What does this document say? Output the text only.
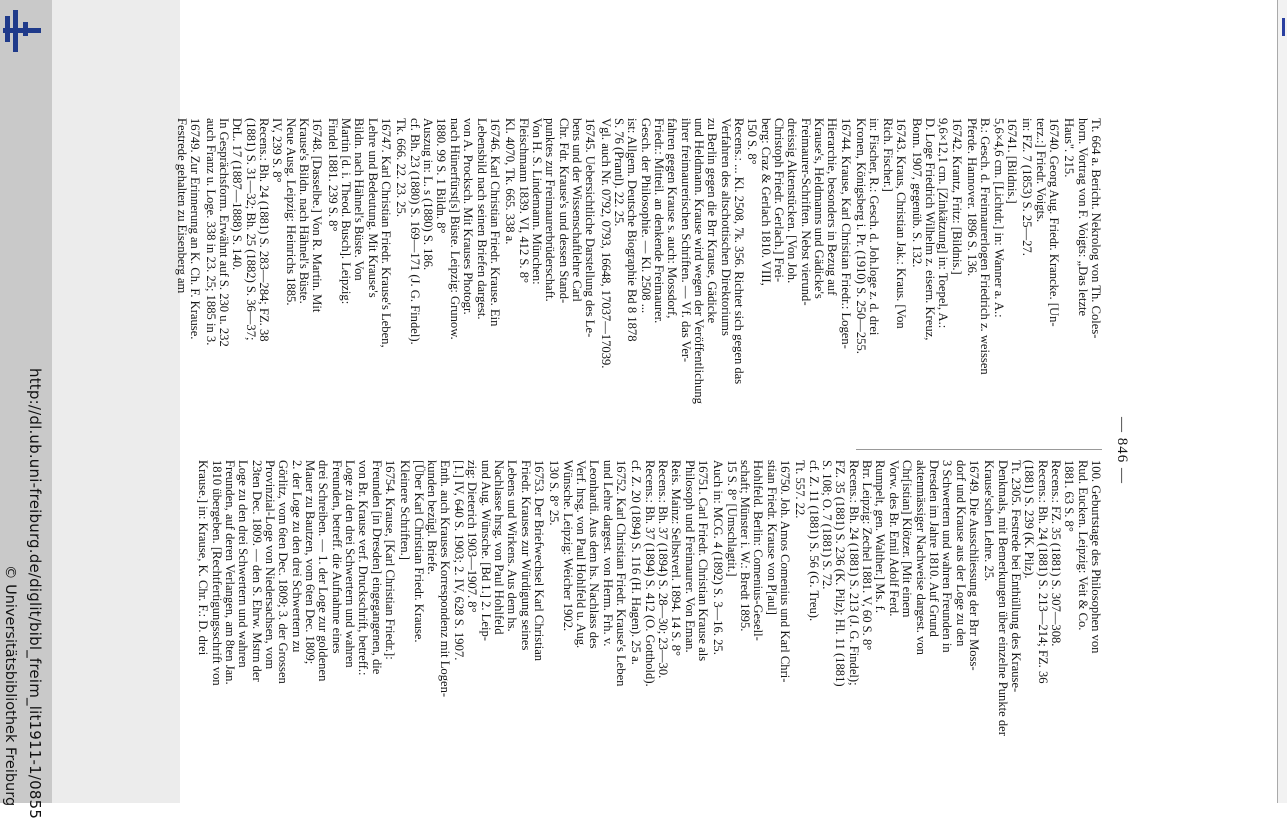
http://dl.ub.uni-freiburg.de/diglit/bibl_freim_lit1911-1/0855
© Universitätsbibliothek Freiburg
— 846 —
Tt. 664 a. Bericht. Nekrolog von Th. Coles-
horn. Vortrag von F. Voigts: „Das letzte
Haus". 215.
16740. Georg Aug. Friedr. Krancke. [Un-
terz.:] Friedr. Voigts.
in: FZ. 7 (1853) S. 25—27.
16741. [Bildnis.]
5,6×4,6 cm. [Lichtdr.] in: Wanner a. A.:
B.: Gesch. d. Freimaurerlogen Friedrich z. weissen
Pferde. Hannover. 1896 S. 136.
16742. Krantz, Fritz: [Bildnis.]
9,6×12,1 cm. [Zinkätzung] in: Toepel, A.:
D. Loge Friedrich Wilhelm z. eisern. Kreuz,
Bonn. 1907, gegenüb. S. 132.
16743. Kraus, Christian Jak.: Kraus. [Von
Rich. Fischer.]
in: Fischer, R.: Gesch. d. Joh.loge z. d. drei
Kronen, Königsberg i. Pr. (1910) S. 250—255.
16744. Krause, Karl Christian Friedr.: Logen-
Hierarchie, besonders in Bezug auf
Krause's, Heldmanns und Gädicke's
Freimaurer-Schriften. Nebst vierund-
dreissig Aktenstücken. [Von Joh.
Christoph Friedr. Gerlach.] Frei-
berg: Craz & Gerlach 1810. VIII,
150 S. 8°
Recens.: ... Kl. 2508, 7k. 356. Richtet sich gegen das
Verfahren des altschottischen Direktoriums
zu Berlin gegen die Brr Krause, Gädicke
und Heldmann. Krause wird wegen der Veröffentlichung
ihrer freimaurerischen Schriften. — Vf. das Ver-
fahren gegen Krause s. auch: Mossdorf,
Friedr.: Mitteil. an denkende Freimaurer.
Gesch. der Philosophie. — Kl. 2508 ...
ist: Allgem. Deutsche Biographie Bd 8 1878
S. 76 (Prantl). 22. 25.
Vgl. auch Nr. 0792, 0793, 16648, 17037—17039.
16745. Uebersichtliche Darstellung des Le-
bens und der Wissenschaftlehre Carl
Chr. Fdr. Krause's und dessen Stand-
punktes zur Freimaurerbrüderschaft.
Von H. S. Lindemann. München:
Fleischmann 1839. VI, 412 S. 8°
Kl. 4070, Tk. 665. 338 a.
16746. Karl Christian Friedr. Krause. Ein
Lebensbild nach seinen Briefen dargest.
von A. Procksch. Mit Krauses Photogr.
nach Hünerfürst[s] Büste. Leipzig: Grunow.
1880. 99 S. 1 Bildn. 8°
Auszug in: L. s (1880) S. 186.
cf. Bh. 23 (1880) S. 169—171 (J. G. Findel).
Tk. 666. 22. 23. 25.
16747. Karl Christian Friedr. Krause's Leben,
Lehre und Bedeutung. Mit Krause's
Bildn. nach Hähnel's Büste. Von
Martin [d. i. Theod. Busch]. Leipzig:
Findel 1881. 239 S. 8°
16748. [Dasselbe.] Von R. Martin. Mit
Krause's Bildn. nach Hähnel's Büste.
Neue Ausg. Leipzig: Heinrichs 1885.
IV, 239 S. 8°
Recens.: Bh. 24 (1881) S. 283—284; FZ. 38
(1881) S. 31—32; Bh. 25 (1882) S. 36—37;
DtL. 17 (1887—1888) S. 140.
In Gesprächsform. Erwähnt auf S. 230 u. 232
auch Franz u. Loge. 338 in 23. 25; 1885 in 3.
16749. Zur Erinnerung an K. Ch. F. Krause.
Festrede gehalten zu Eisenberg am
100. Geburtstage des Philosophen von
Rud. Eucken. Leipzig: Veit & Co.
1881. 63 S. 8°
Recens.: FZ. 35 (1881) S. 307—308.
Recens.: Bh. 24 (1881) S. 213—214; FZ. 36
(1881) S. 239 (K. Pilz).
Tt. 2305. Festrede bei Enthüllung des Krause-
Denkmals, mit Bemerkungen über einzelne Punkte der
Krause'schen Lehre. 25.
16749. Die Ausschliessung der Brr Moss-
dorf und Krause aus der Loge zu den
3 Schwertern und wahren Freunden in
Dresden im Jahre 1810. Auf Grund
aktenmässiger Nachweise dargest. von
Chr[istian] Klötzer. [Mit einem
Vorw. des Br. Emil Adolf Ferd.
Rumpelt, gen. Walther.] Ms. f.
Brr. Leipzig: Zechel 1881. V, 60 S. 8°
Recens.: Bh. 24 (1881) S. 213 (J. G. Findel);
FZ. 35 (1881) S. 236 (K. Pilz); Hl. 11 (1881)
S. 108; O. 7 (1881) S. 72.
cf. Z. 11 (1881) S. 56 (G. Treu).
Tt. 557. 22.
16750. Joh. Amos Comenius und Karl Chri-
stian Friedr. Krause von P[aul]
Hohlfeld. Berlin: Comenius-Gesell-
schaft; Münster i. W.: Bredt 1895.
15 S. 8° [Umschlagtit.]
Auch in: MCG. 4 (1892) S. 3—16. 25.
16751. Carl Friedr. Christian Krause als
Philosoph und Freimaurer. Von Eman.
Reis. Mainz: Selbstverl. 1894. 14 S. 8°
Recens.: Bh. 37 (1894) S. 28—30; 23—30.
Recens.: Bh. 37 (1894) S. 412 (O. Gotthold).
cf. Z. 20 (1894) S. 116 (H. Hagen). 25 a.
16752. Karl Christian Friedr. Krause's Leben
und Lehre dargest. von Herm. Frh. v.
Leonhardi. Aus dem hs. Nachlass des
Verf. hrsg. von Paul Hohlfeld u. Aug.
Wünsche. Leipzig: Weicher 1902.
130 S. 8° 25.
16753. Der Briefwechsel Karl Christian
Friedr. Krauses zur Würdigung seines
Lebens und Wirkens. Aus dem hs.
Nachlasse hrsg. von Paul Hohlfeld
und Aug. Wünsche. [Bd 1.] 2. Leip-
zig: Dieterich 1903—1907. 8°
[1.] IV, 640 S. 1903; 2. IV, 628 S. 1907.
Enth. auch Krauses Korrespondenz mit Logen-
kunden bezügl. Briefe.
[Über Karl Christian Friedr. Krause.
Kleinere Schriften.]
16754. Krause, [Karl Christian Friedr.]:
Freunden [in Dresden] eingegangenen, die
von Br. Krause verf. Druckschrift, betreff.:
Loge zu den drei Schwertern und wahren
Freunden, betreff. die Aufnahme eines
drei Schreiben. — 1. der Loge zur goldenen
Mauer zu Bautzen, vom 6ten Dec. 1809;
2. der Loge zu den drei Schwertern zu
Görlitz, vom 6ten Dec. 1809; 3. der Grossen
Provinzial-Loge von Niedersachsen, vom
23ten Dec. 1809. — den S. Ehrw. Mstrn der
Loge zu den drei Schwertern und wahren
Freunden, auf deren Verlangen, am 8ten Jan.
1810 übergeben. [Rechtfertigungsschrift von
Krause.] in: Krause, K. Chr. F.: D. drei
